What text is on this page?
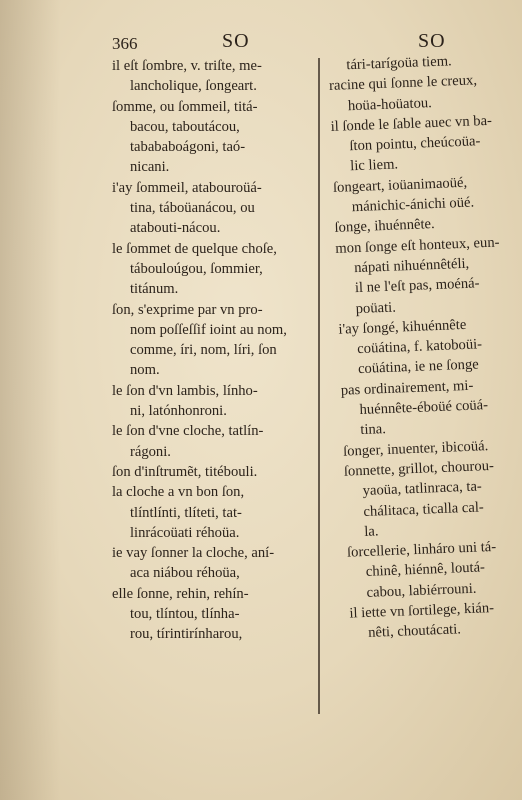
366	SO	SO
il eſt ſombre, v. triſte, me-
lancholique, ſongeart.
ſomme, ou ſommeil, titá-
bacou, taboutácou,
tabababoágoni, taó-
nicani.
i'ay ſommeil, atabouroüá-
tina, táboüanácou, ou
atabouti-nácou.
le ſommet de quelque choſe,
tábouloúgou, ſommier,
titánum.
ſon, s'exprime par vn pro-
nom poſſeſſif ioint au nom,
comme, íri, nom, líri, ſon
nom.
le ſon d'vn lambis, línho-
ni, latónhonroni.
le ſon d'vne cloche, tatlín-
rágoni.
ſon d'inſtrumẽt, titébouli.
la cloche a vn bon ſon,
tlíntlínti, tlíteti, tat-
linrácoüati réhoüa.
ie vay ſonner la cloche, aní-
aca niábou réhoüa,
elle ſonne, rehin, rehín-
tou, tlíntou, tlínha-
rou, tírintirínharou,
tári-tarígoüa tiem.
racine qui ſonne le creux,
hoüa-hoüatou.
il ſonde le ſable auec vn ba-
ſton pointu, cheúcoüa-
lic liem.
ſongeart, ioüanimaoüé,
mánichic-ánichi oüé.
ſonge, ihuénnête.
mon ſonge eſt honteux, eun-
nápati nihuénnêtéli,
il ne l'eſt pas, moéná-
poüati.
i'ay ſongé, kihuénnête
coüátina, f. katoboüi-
coüátina, ie ne ſonge
pas ordinairement, mi-
huénnête-éboüé coüá-
tina.
ſonger, inuenter, ibicoüá.
ſonnette, grillot, chourou-
yaoüa, tatlinraca, ta-
chálitaca, ticalla cal-
la.
ſorcellerie, linháro uni tá-
chinê, hiénnê, loutá-
cabou, labiérrouni.
il iette vn ſortilege, kián-
nêti, choutácati.
